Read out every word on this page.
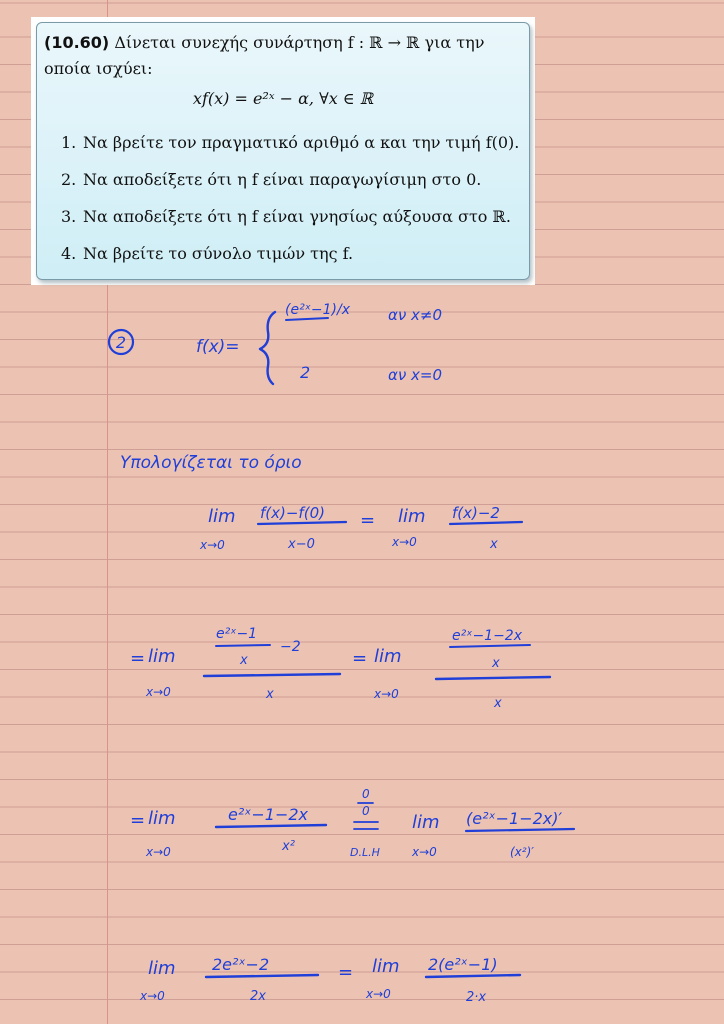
(10.60) Δίνεται συνεχής συνάρτηση f : ℝ → ℝ για την οποία ισχύει:
xf(x) = e²ˣ − α, ∀x ∈ ℝ
1. Να βρείτε τον πραγματικό αριθμό α και την τιμή f(0).
2. Να αποδείξετε ότι η f είναι παραγωγίσιμη στο 0.
3. Να αποδείξετε ότι η f είναι γνησίως αύξουσα στο ℝ.
4. Να βρείτε το σύνολο τιμών της f.
2	f(x)=
(e²ˣ−1)/x	αν x≠0
2	αν x=0
Υπολογίζεται το όριο
lim
x→0
f(x)−f(0)
x−0
= lim
x→0
f(x)−2
x
= lim
x→0
e²ˣ−1
x
−2
x
= lim
x→0
e²ˣ−1−2x
x
x
= lim
x→0
e²ˣ−1−2x
x²
0
0
D.L.H
lim
x→0
(e²ˣ−1−2x)′
(x²)′
lim
x→0
2e²ˣ−2
2x
= lim
x→0
2(e²ˣ−1)
2·x
